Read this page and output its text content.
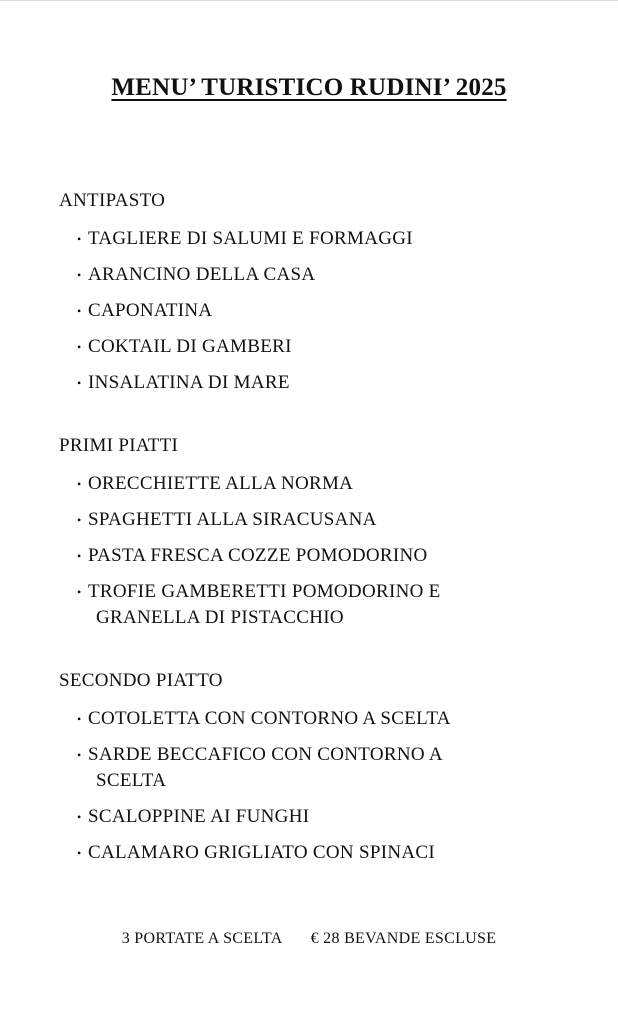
MENU’ TURISTICO RUDINI’ 2025
ANTIPASTO
• TAGLIERE DI SALUMI E FORMAGGI
• ARANCINO DELLA CASA
• CAPONATINA
• COKTAIL DI GAMBERI
• INSALATINA DI MARE
PRIMI PIATTI
• ORECCHIETTE ALLA NORMA
• SPAGHETTI ALLA SIRACUSANA
• PASTA FRESCA COZZE POMODORINO
• TROFIE GAMBERETTI POMODORINO E
GRANELLA DI PISTACCHIO
SECONDO PIATTO
• COTOLETTA CON CONTORNO A SCELTA
• SARDE BECCAFICO CON CONTORNO A
SCELTA
• SCALOPPINE AI FUNGHI
• CALAMARO GRIGLIATO CON SPINACI
3 PORTATE A SCELTA € 28 BEVANDE ESCLUSE
